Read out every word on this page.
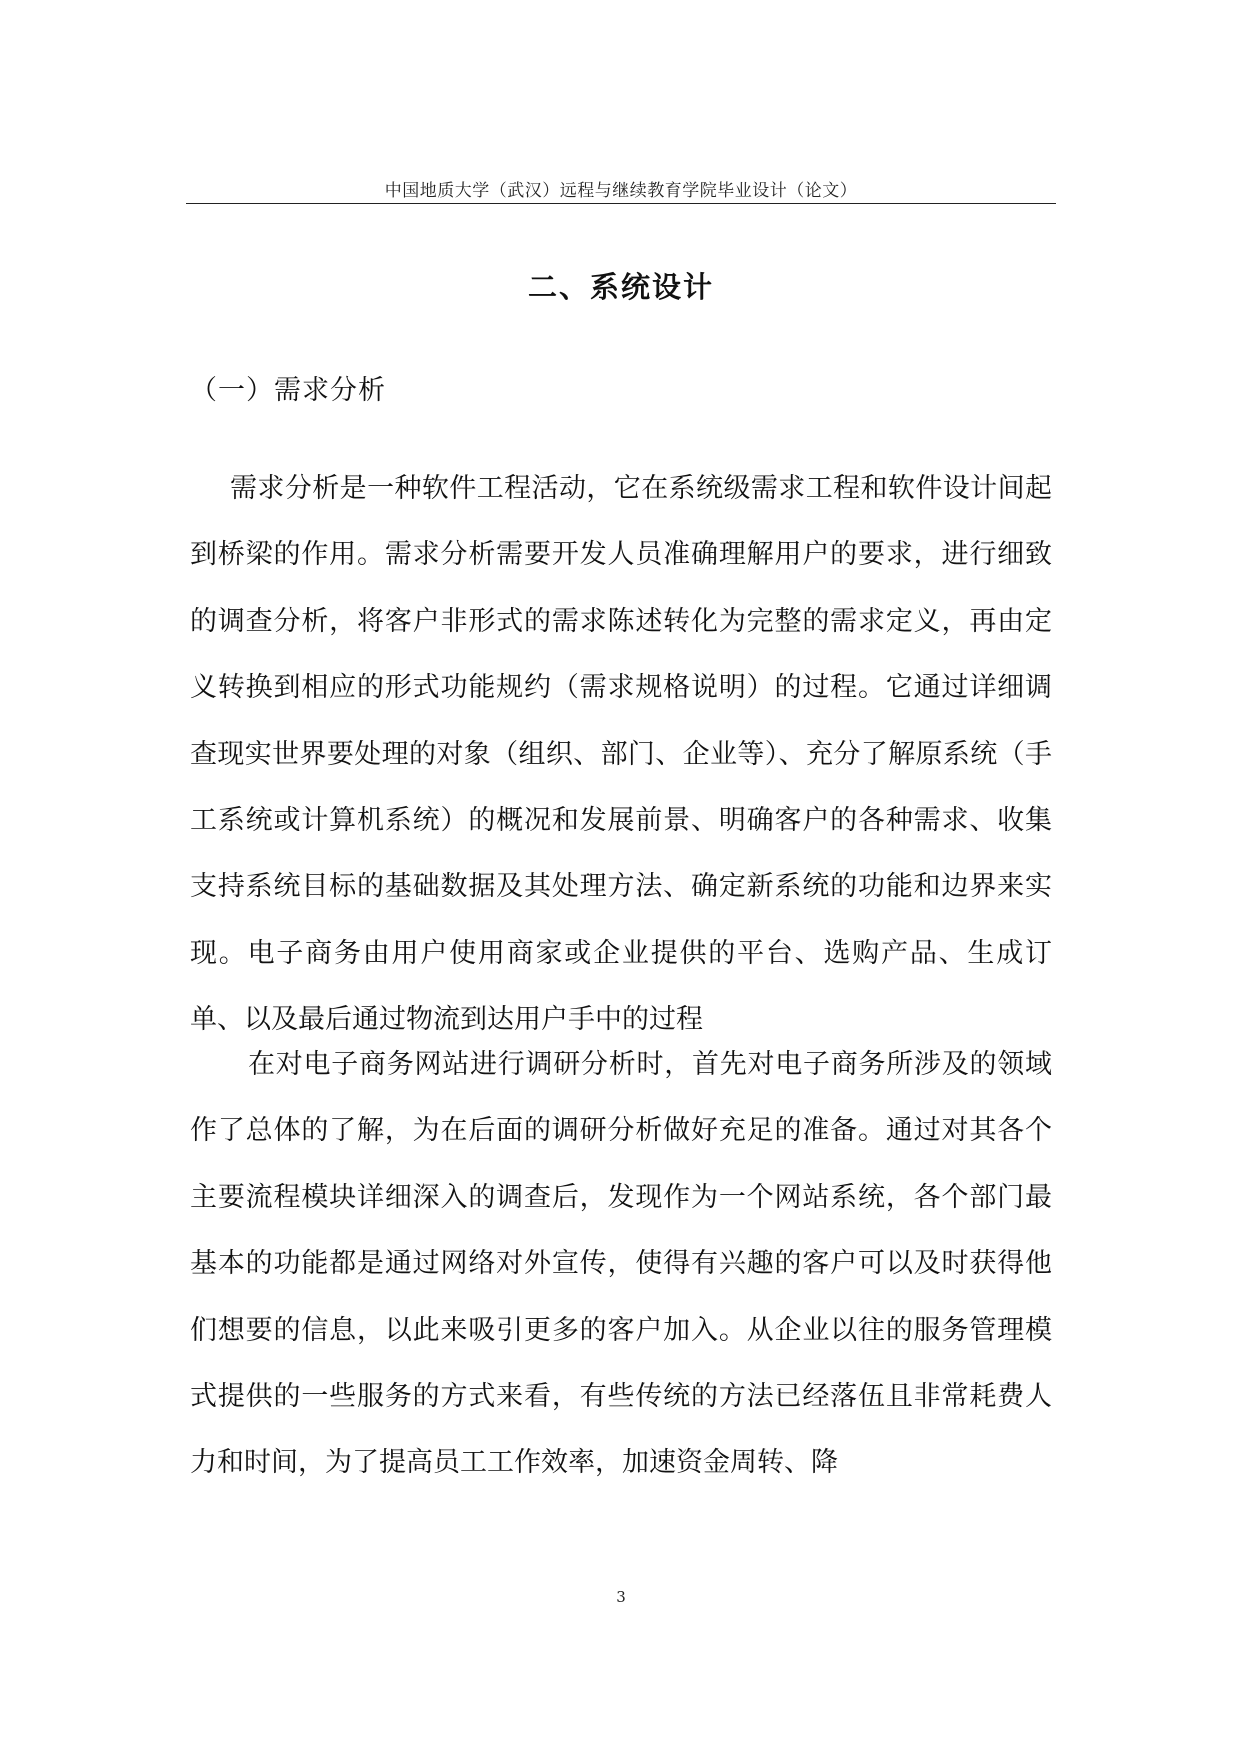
中国地质大学（武汉）远程与继续教育学院毕业设计（论文）
二、系统设计
（一）需求分析

需求分析是一种软件工程活动，它在系统级需求工程和软件设计间起到桥梁的作用。需求分析需要开发人员准确理解用户的要求，进行细致的调查分析，将客户非形式的需求陈述转化为完整的需求定义，再由定义转换到相应的形式功能规约（需求规格说明）的过程。它通过详细调查现实世界要处理的对象（组织、部门、企业等）、充分了解原系统（手工系统或计算机系统）的概况和发展前景、明确客户的各种需求、收集支持系统目标的基础数据及其处理方法、确定新系统的功能和边界来实现。电子商务由用户使用商家或企业提供的平台、选购产品、生成订单、以及最后通过物流到达用户手中的过程

在对电子商务网站进行调研分析时，首先对电子商务所涉及的领域作了总体的了解，为在后面的调研分析做好充足的准备。通过对其各个主要流程模块详细深入的调查后，发现作为一个网站系统，各个部门最基本的功能都是通过网络对外宣传，使得有兴趣的客户可以及时获得他们想要的信息，以此来吸引更多的客户加入。从企业以往的服务管理模式提供的一些服务的方式来看，有些传统的方法已经落伍且非常耗费人力和时间，为了提高员工工作效率，加速资金周转、降

3
